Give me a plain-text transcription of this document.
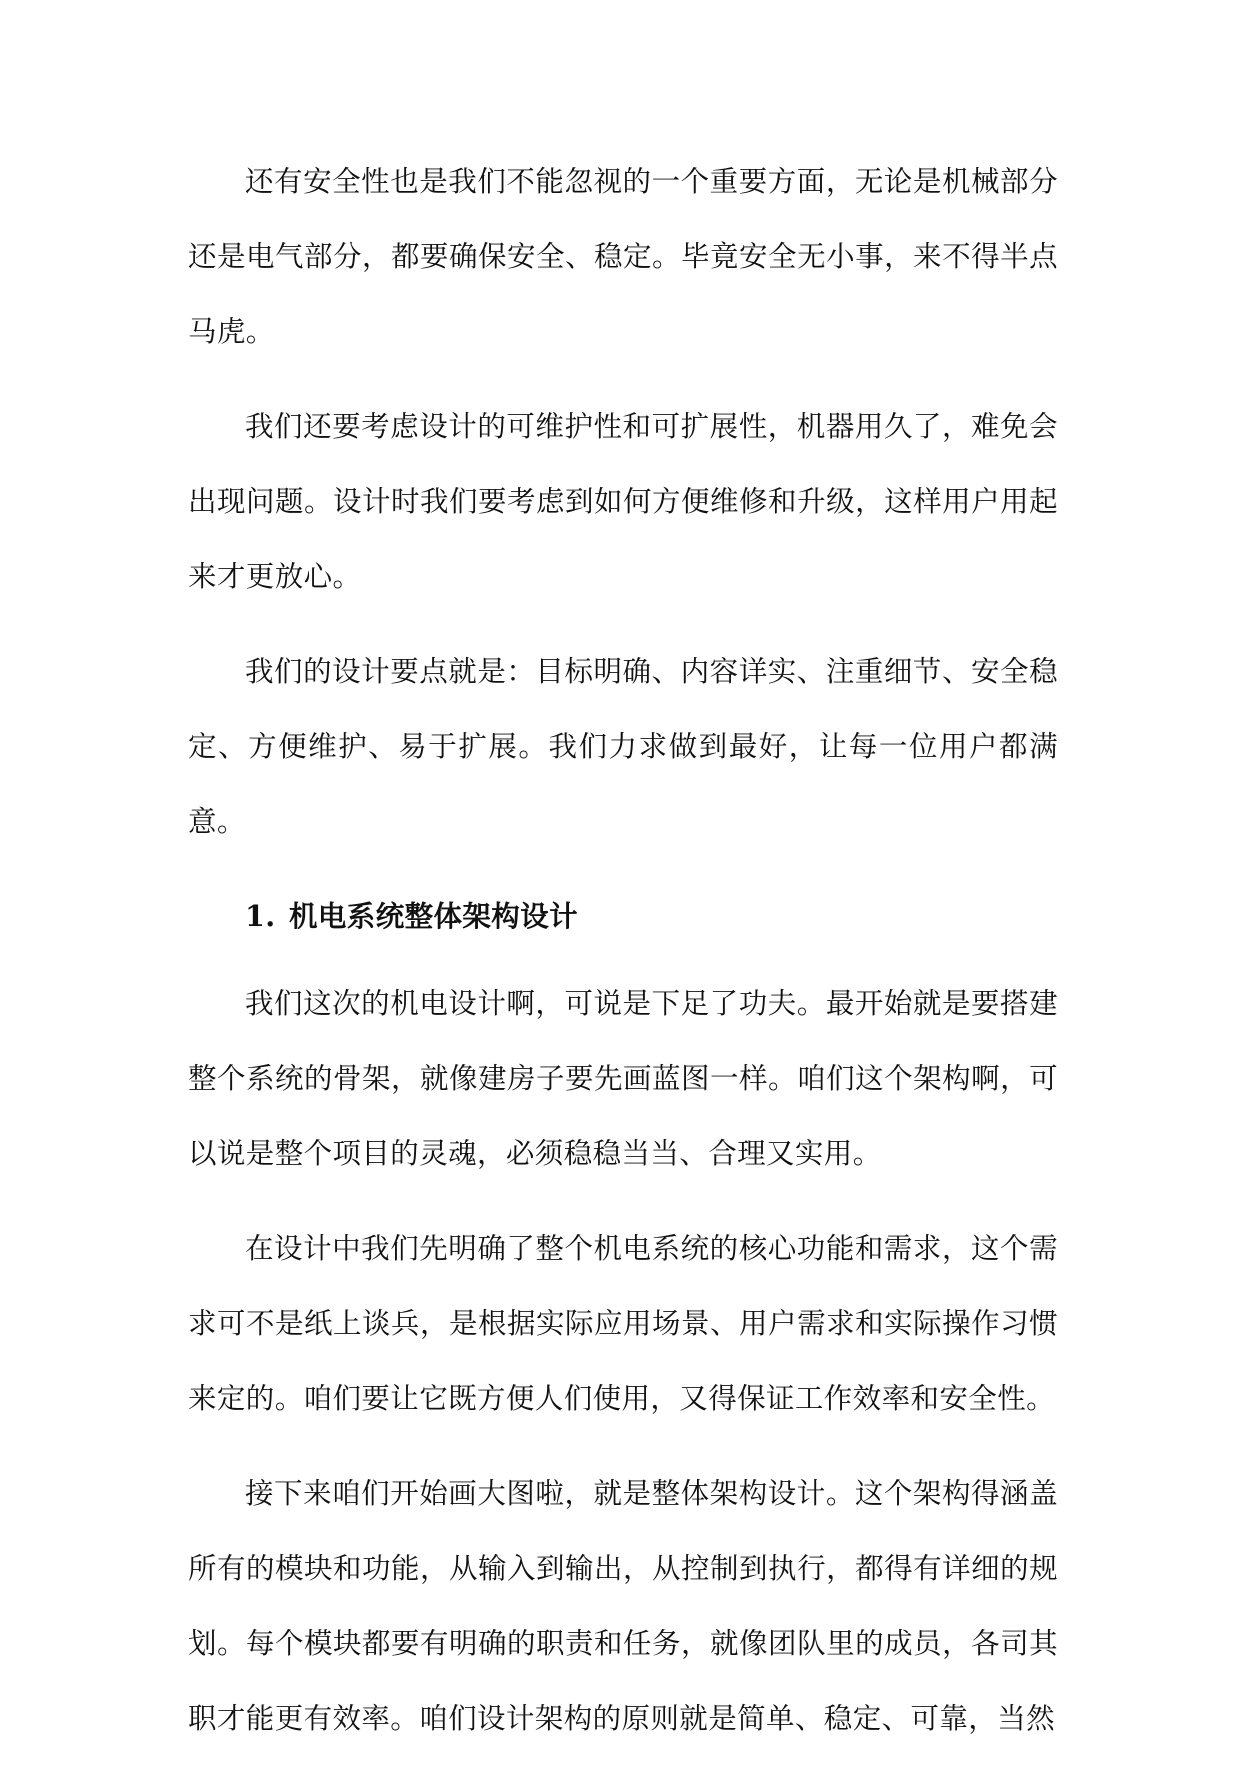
还有安全性也是我们不能忽视的一个重要方面，无论是机械部分还是电气部分，都要确保安全、稳定。毕竟安全无小事，来不得半点马虎。

我们还要考虑设计的可维护性和可扩展性，机器用久了，难免会出现问题。设计时我们要考虑到如何方便维修和升级，这样用户用起来才更放心。

我们的设计要点就是：目标明确、内容详实、注重细节、安全稳定、方便维护、易于扩展。我们力求做到最好，让每一位用户都满意。

1. 机电系统整体架构设计

我们这次的机电设计啊，可说是下足了功夫。最开始就是要搭建整个系统的骨架，就像建房子要先画蓝图一样。咱们这个架构啊，可以说是整个项目的灵魂，必须稳稳当当、合理又实用。

在设计中我们先明确了整个机电系统的核心功能和需求，这个需求可不是纸上谈兵，是根据实际应用场景、用户需求和实际操作习惯来定的。咱们要让它既方便人们使用，又得保证工作效率和安全性。

接下来咱们开始画大图啦，就是整体架构设计。这个架构得涵盖所有的模块和功能，从输入到输出，从控制到执行，都得有详细的规划。每个模块都要有明确的职责和任务，就像团队里的成员，各司其职才能更有效率。咱们设计架构的原则就是简单、稳定、可靠，当然
